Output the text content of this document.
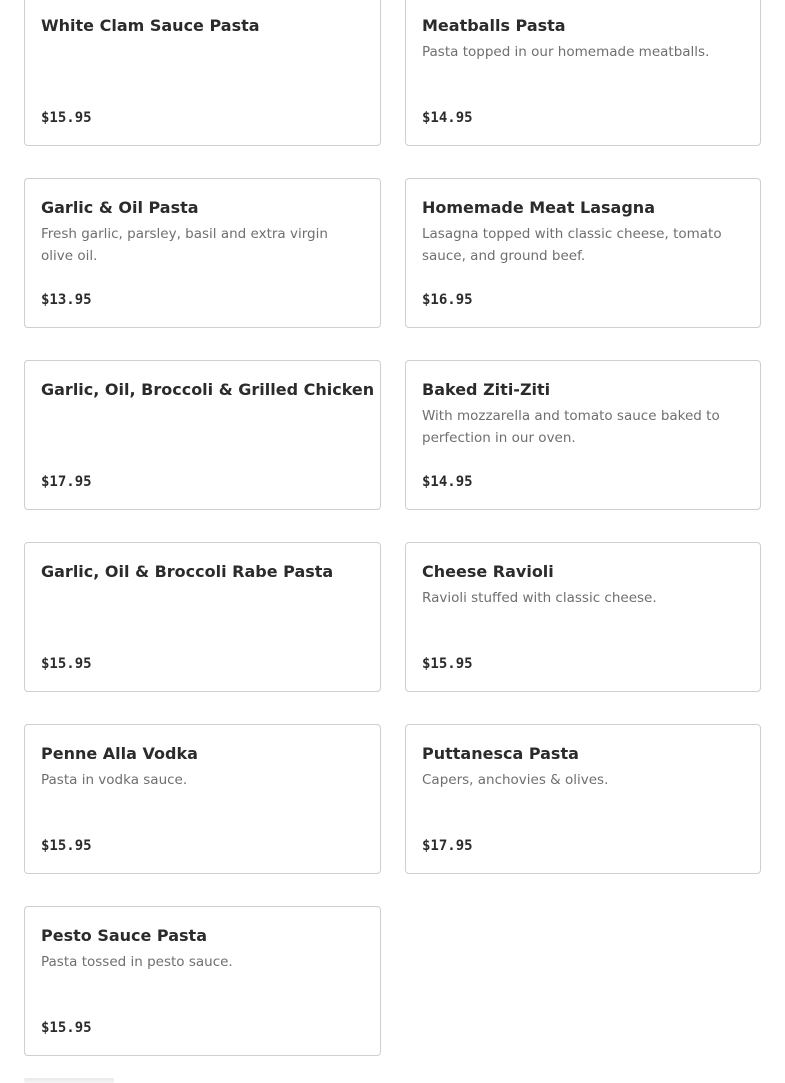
White Clam Sauce Pasta
$15.95
Meatballs Pasta
Pasta topped in our homemade meatballs.
$14.95
Garlic & Oil Pasta
Fresh garlic, parsley, basil and extra virgin olive oil.
$13.95
Homemade Meat Lasagna
Lasagna topped with classic cheese, tomato sauce, and ground beef.
$16.95
Garlic, Oil, Broccoli & Grilled Chicken
$17.95
Baked Ziti-Ziti
With mozzarella and tomato sauce baked to perfection in our oven.
$14.95
Garlic, Oil & Broccoli Rabe Pasta
$15.95
Cheese Ravioli
Ravioli stuffed with classic cheese.
$15.95
Penne Alla Vodka
Pasta in vodka sauce.
$15.95
Puttanesca Pasta
Capers, anchovies & olives.
$17.95
Pesto Sauce Pasta
Pasta tossed in pesto sauce.
$15.95
